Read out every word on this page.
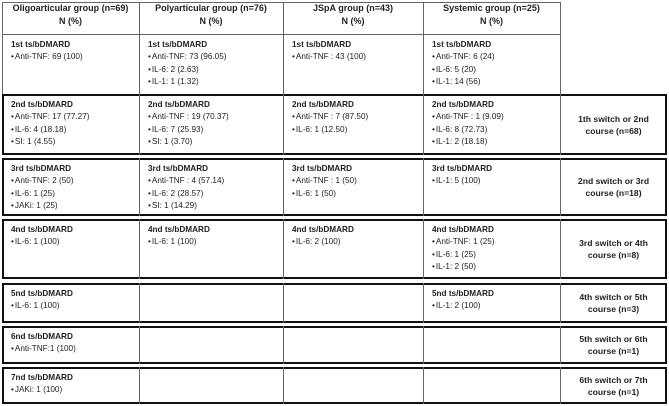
Oligoarticular group (n=69)
N (%)
Polyarticular group (n=76)
N (%)
JSpA group (n=43)
N (%)
Systemic group (n=25)
N (%)
1st ts/bDMARD
• Anti-TNF: 69 (100)
1st ts/bDMARD
• Anti-TNF: 73 (96.05)
• IL-6: 2 (2.63)
• IL-1: 1 (1.32)
1st ts/bDMARD
• Anti-TNF : 43 (100)
1st ts/bDMARD
• Anti-TNF: 6 (24)
• IL-6: 5 (20)
• IL-1: 14 (56)
2nd ts/bDMARD
• Anti-TNF: 17 (77.27)
• IL-6: 4 (18.18)
• SI: 1 (4.55)
2nd ts/bDMARD
• Anti-TNF : 19 (70.37)
• IL-6: 7 (25.93)
• SI: 1 (3.70)
2nd ts/bDMARD
• Anti-TNF : 7 (87.50)
• IL-6: 1 (12.50)
2nd ts/bDMARD
• Anti-TNF : 1 (9.09)
• IL-6: 8 (72.73)
• IL-1: 2 (18.18)
1th switch or 2nd
course (n=68)
3rd ts/bDMARD
• Anti-TNF: 2 (50)
• IL-6: 1 (25)
• JAKi: 1 (25)
3rd ts/bDMARD
• Anti-TNF : 4 (57.14)
• IL-6: 2 (28.57)
• SI: 1 (14.29)
3rd ts/bDMARD
• Anti-TNF : 1 (50)
• IL-6: 1 (50)
3rd ts/bDMARD
• IL-1: 5 (100)	2nd switch or 3rd
course (n=18)
4nd ts/bDMARD
• IL-6: 1 (100)
4nd ts/bDMARD
• IL-6: 1 (100)
4nd ts/bDMARD
• IL-6: 2 (100)
4nd ts/bDMARD
• Anti-TNF: 1 (25)
• IL-6: 1 (25)
• IL-1: 2 (50)
3rd switch or 4th
course (n=8)
5nd ts/bDMARD
• IL-6: 1 (100)
5nd ts/bDMARD
• IL-1: 2 (100)
4th switch or 5th
course (n=3)
6nd ts/bDMARD
• Anti-TNF:1 (100)
5th switch or 6th
course (n=1)
7nd ts/bDMARD
• JAKi: 1 (100)
6th switch or 7th
course (n=1)
